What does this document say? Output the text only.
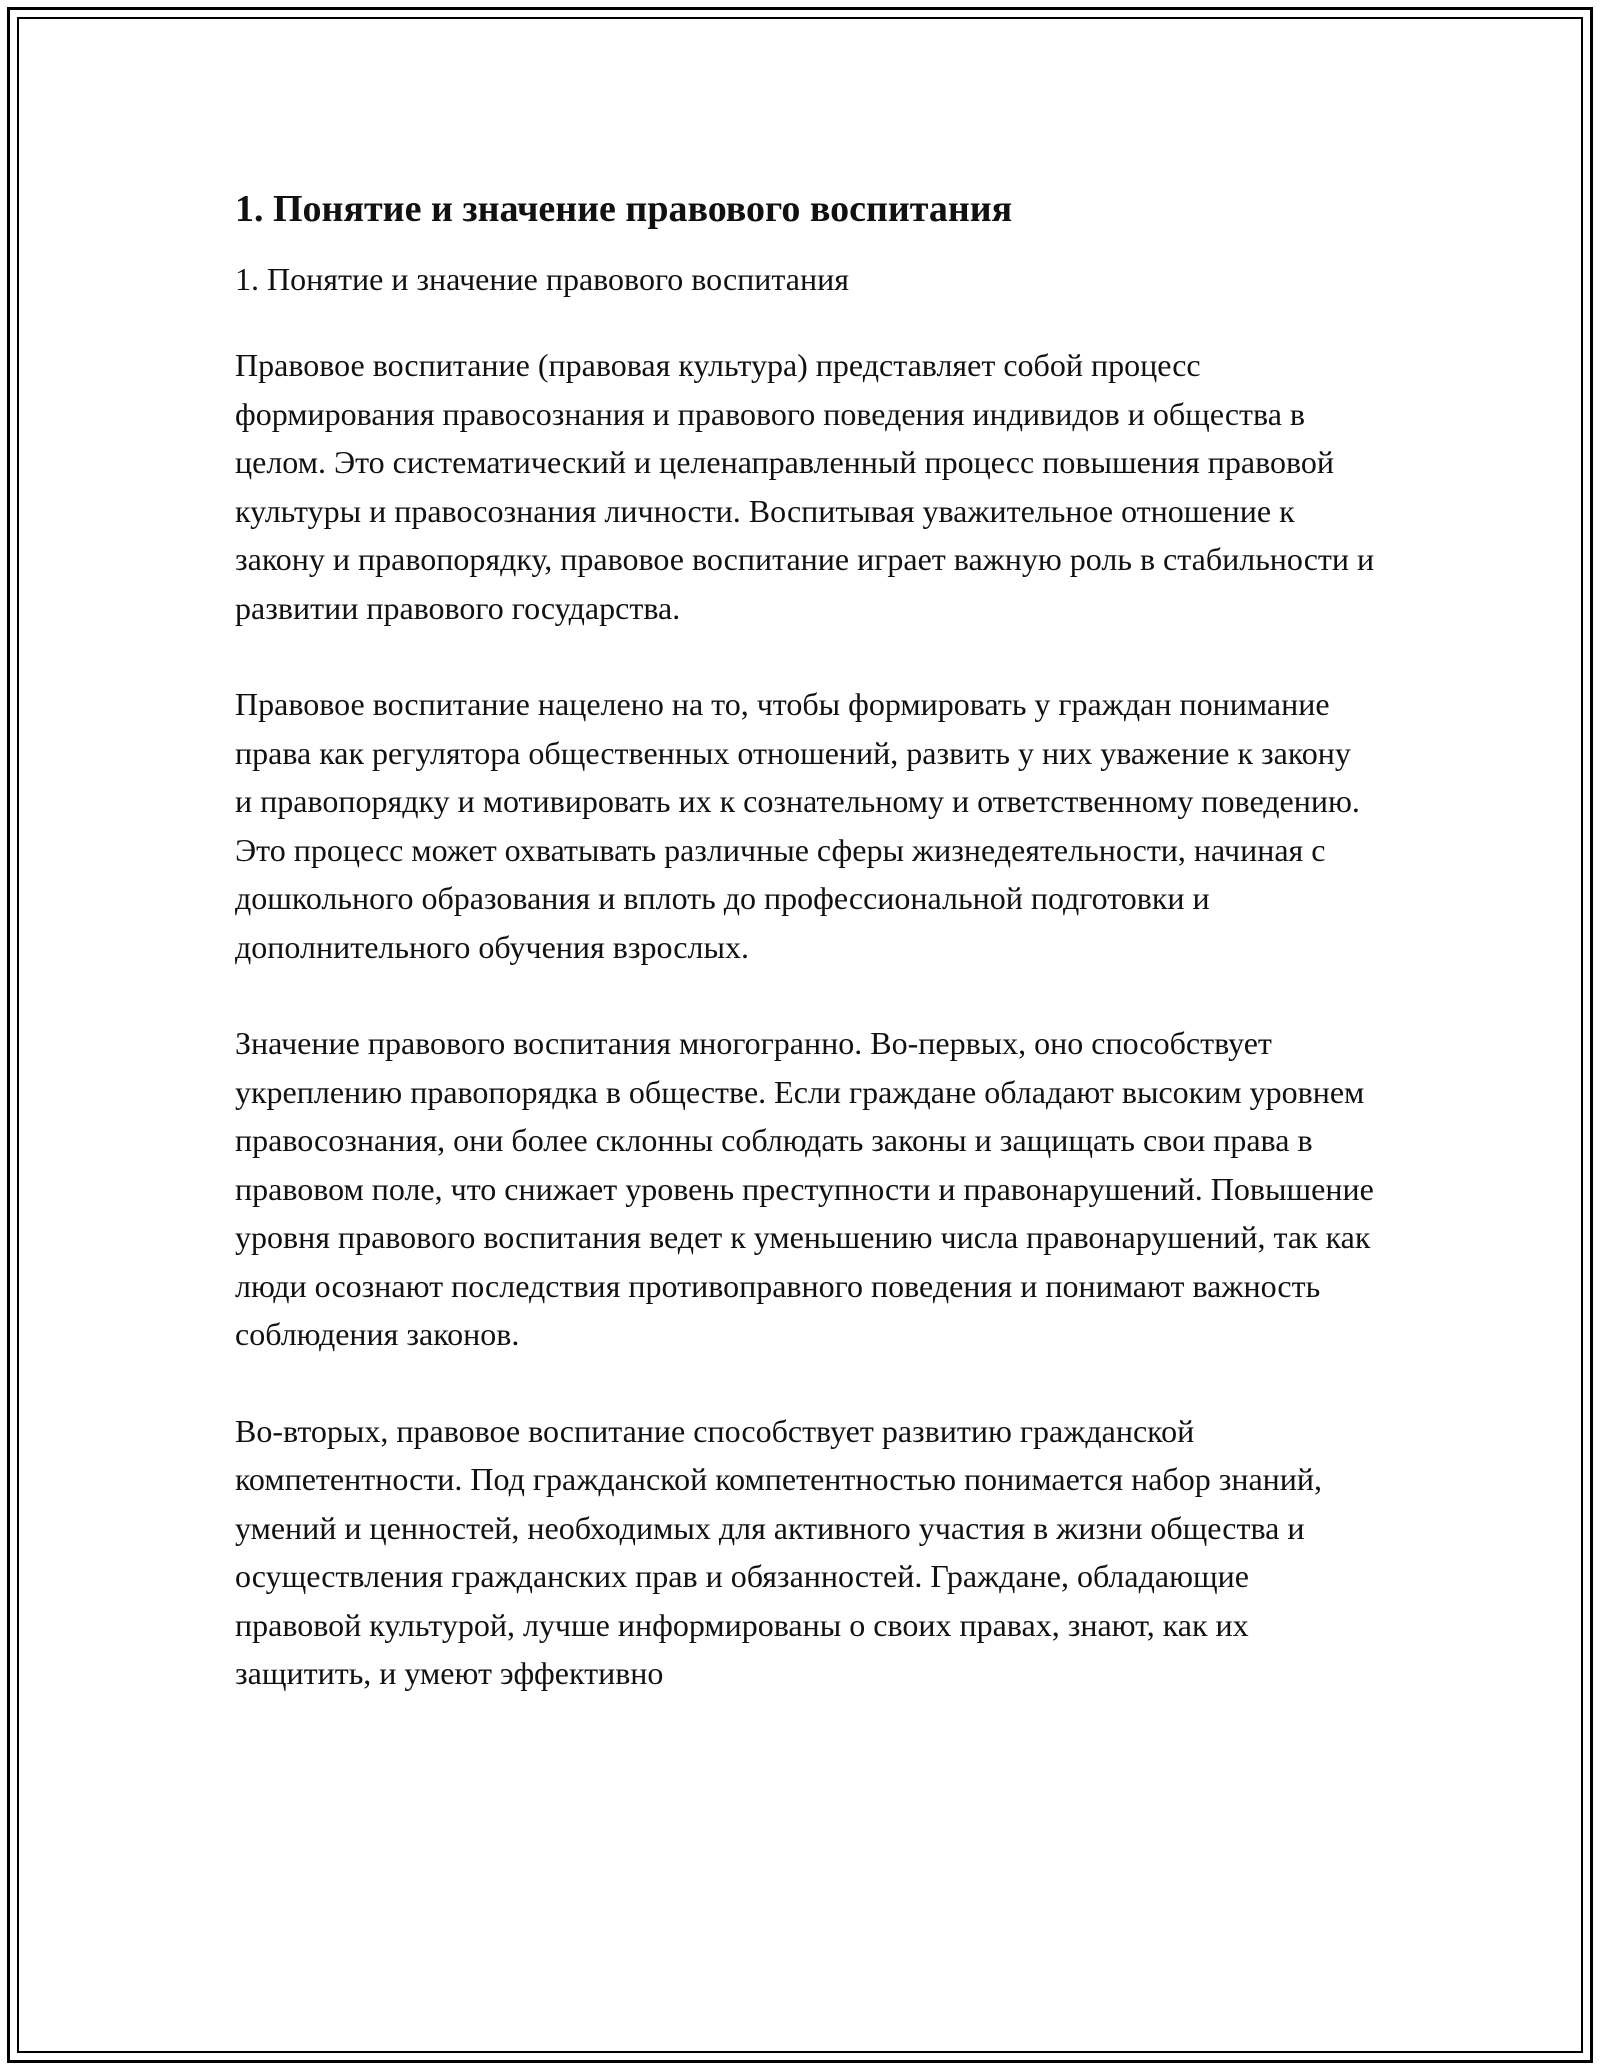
1. Понятие и значение правового воспитания

1. Понятие и значение правового воспитания

Правовое воспитание (правовая культура) представляет собой процесс формирования правосознания и правового поведения индивидов и общества в целом. Это систематический и целенаправленный процесс повышения правовой культуры и правосознания личности. Воспитывая уважительное отношение к закону и правопорядку, правовое воспитание играет важную роль в стабильности и развитии правового государства.

Правовое воспитание нацелено на то, чтобы формировать у граждан понимание права как регулятора общественных отношений, развить у них уважение к закону и правопорядку и мотивировать их к сознательному и ответственному поведению. Это процесс может охватывать различные сферы жизнедеятельности, начиная с дошкольного образования и вплоть до профессиональной подготовки и дополнительного обучения взрослых.

Значение правового воспитания многогранно. Во-первых, оно способствует укреплению правопорядка в обществе. Если граждане обладают высоким уровнем правосознания, они более склонны соблюдать законы и защищать свои права в правовом поле, что снижает уровень преступности и правонарушений. Повышение уровня правового воспитания ведет к уменьшению числа правонарушений, так как люди осознают последствия противоправного поведения и понимают важность соблюдения законов.

Во-вторых, правовое воспитание способствует развитию гражданской компетентности. Под гражданской компетентностью понимается набор знаний, умений и ценностей, необходимых для активного участия в жизни общества и осуществления гражданских прав и обязанностей. Граждане, обладающие правовой культурой, лучше информированы о своих правах, знают, как их защитить, и умеют эффективно
